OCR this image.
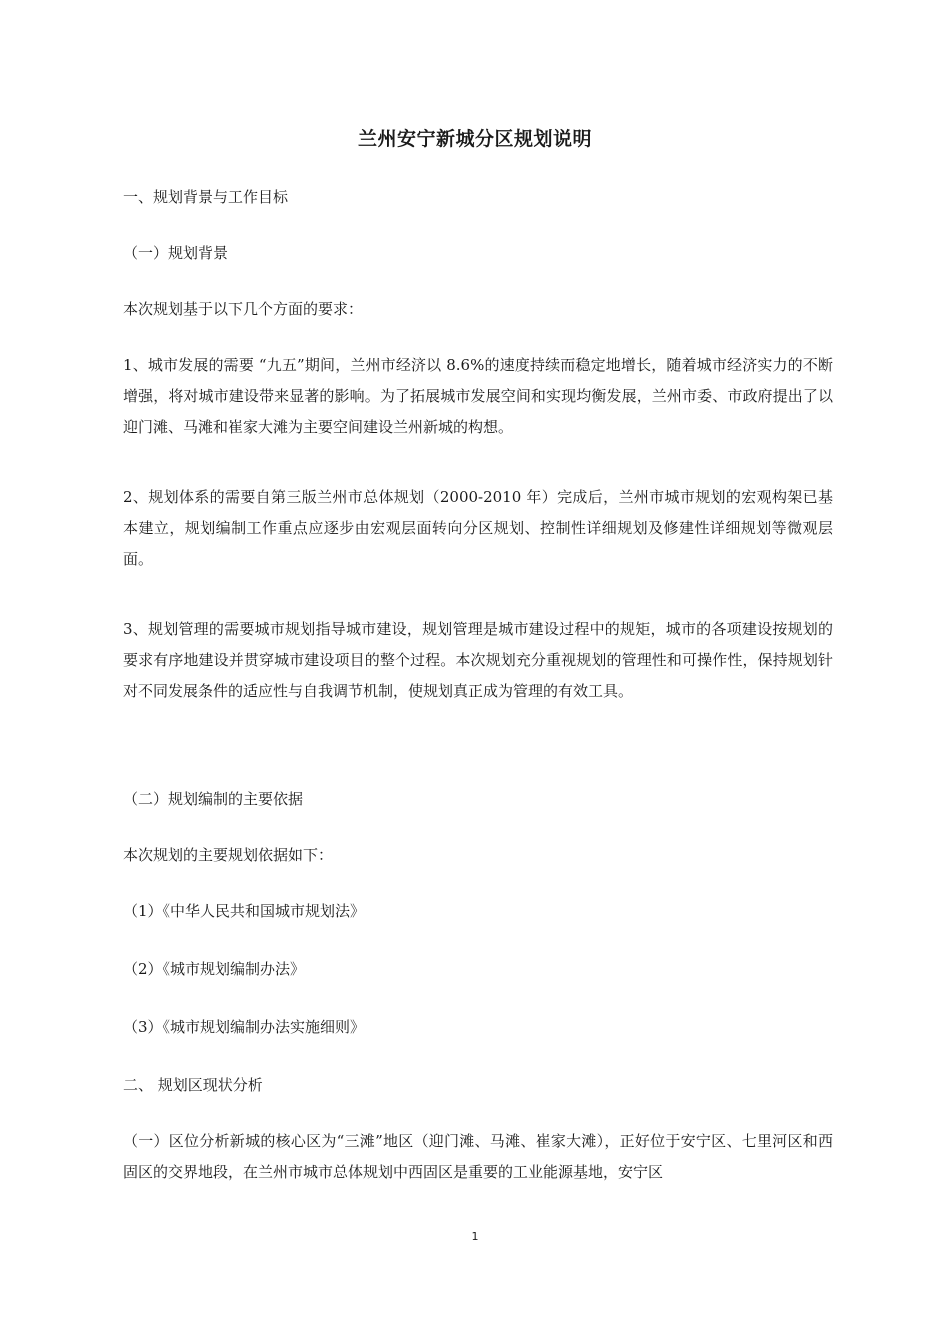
兰州安宁新城分区规划说明
一、规划背景与工作目标
（一）规划背景
本次规划基于以下几个方面的要求：
1、城市发展的需要 “九五”期间，兰州市经济以 8.6%的速度持续而稳定地增长，随着城市经济实力的不断增强，将对城市建设带来显著的影响。为了拓展城市发展空间和实现均衡发展，兰州市委、市政府提出了以迎门滩、马滩和崔家大滩为主要空间建设兰州新城的构想。
2、规划体系的需要自第三版兰州市总体规划（2000-2010 年）完成后，兰州市城市规划的宏观构架已基本建立，规划编制工作重点应逐步由宏观层面转向分区规划、控制性详细规划及修建性详细规划等微观层面。
3、规划管理的需要城市规划指导城市建设，规划管理是城市建设过程中的规矩，城市的各项建设按规划的要求有序地建设并贯穿城市建设项目的整个过程。本次规划充分重视规划的管理性和可操作性，保持规划针对不同发展条件的适应性与自我调节机制，使规划真正成为管理的有效工具。
（二）规划编制的主要依据
本次规划的主要规划依据如下：
（1）《中华人民共和国城市规划法》
（2）《城市规划编制办法》
（3）《城市规划编制办法实施细则》
二、 规划区现状分析
（一）区位分析新城的核心区为“三滩”地区（迎门滩、马滩、崔家大滩），正好位于安宁区、七里河区和西固区的交界地段，在兰州市城市总体规划中西固区是重要的工业能源基地，安宁区
1
